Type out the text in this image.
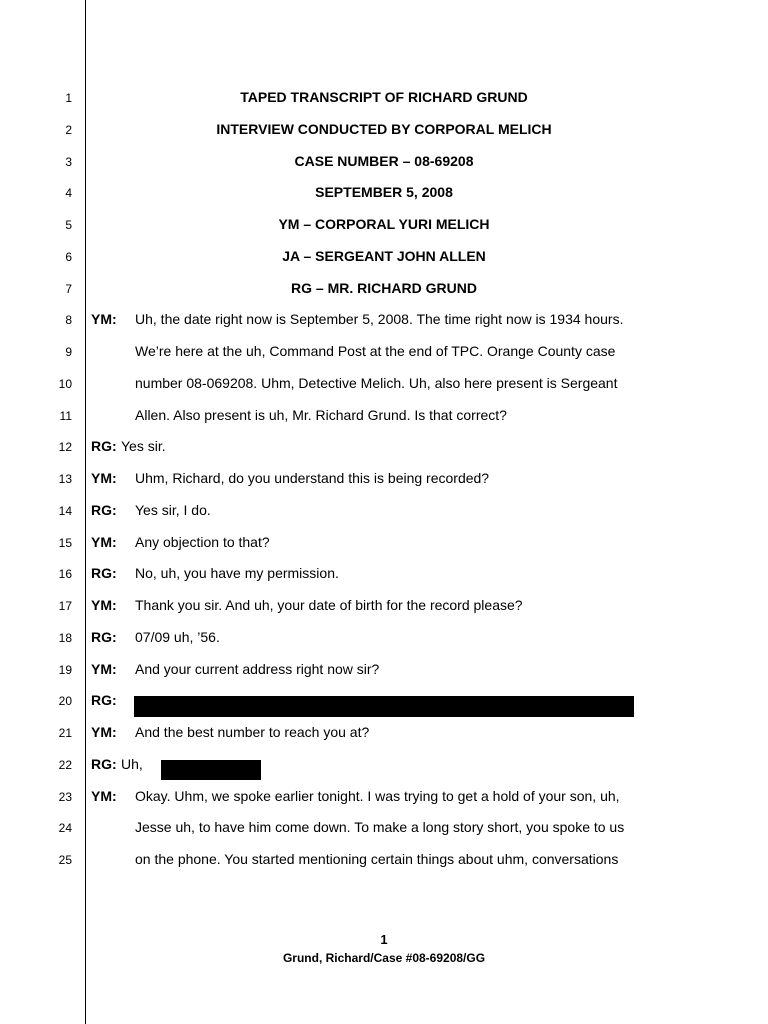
1	TAPED TRANSCRIPT OF RICHARD GRUND
2	INTERVIEW CONDUCTED BY CORPORAL MELICH
3	CASE NUMBER – 08-69208
4	SEPTEMBER 5, 2008
5	YM – CORPORAL YURI MELICH
6	JA – SERGEANT JOHN ALLEN
7	RG – MR. RICHARD GRUND
8 YM: Uh, the date right now is September 5, 2008. The time right now is 1934 hours.
9	We’re here at the uh, Command Post at the end of TPC. Orange County case
10	number 08-069208. Uhm, Detective Melich. Uh, also here present is Sergeant
11	Allen. Also present is uh, Mr. Richard Grund. Is that correct?
12 RG: Yes sir.
13 YM: Uhm, Richard, do you understand this is being recorded?
14 RG: Yes sir, I do.
15 YM: Any objection to that?
16 RG: No, uh, you have my permission.
17 YM: Thank you sir. And uh, your date of birth for the record please?
18 RG: 07/09 uh, ’56.
19 YM: And your current address right now sir?
20 RG:
21 YM: And the best number to reach you at?
22 RG: Uh,
23 YM: Okay. Uhm, we spoke earlier tonight. I was trying to get a hold of your son, uh,
24	Jesse uh, to have him come down. To make a long story short, you spoke to us
25	on the phone. You started mentioning certain things about uhm, conversations
1
Grund, Richard/Case #08-69208/GG
